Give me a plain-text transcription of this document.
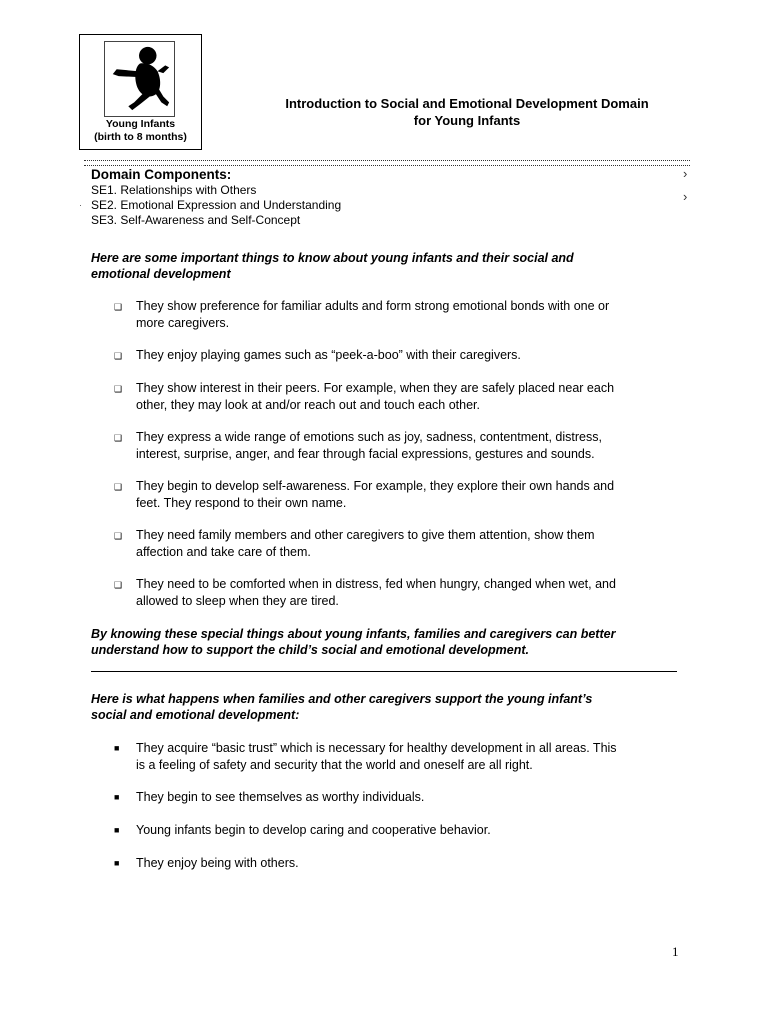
Young Infants
(birth to 8 months)
Introduction to Social and Emotional Development Domain
for Young Infants
›
›
·
Domain Components:
SE1. Relationships with Others
SE2. Emotional Expression and Understanding
SE3. Self-Awareness and Self-Concept
Here are some important things to know about young infants and their social and
emotional development
❑ They show preference for familiar adults and form strong emotional bonds with one or
more caregivers.
❑ They enjoy playing games such as “peek-a-boo” with their caregivers.
❑ They show interest in their peers. For example, when they are safely placed near each
other, they may look at and/or reach out and touch each other.
❑ They express a wide range of emotions such as joy, sadness, contentment, distress,
interest, surprise, anger, and fear through facial expressions, gestures and sounds.
❑ They begin to develop self-awareness. For example, they explore their own hands and
feet. They respond to their own name.
❑ They need family members and other caregivers to give them attention, show them
affection and take care of them.
❑ They need to be comforted when in distress, fed when hungry, changed when wet, and
allowed to sleep when they are tired.
By knowing these special things about young infants, families and caregivers can better
understand how to support the child’s social and emotional development.
Here is what happens when families and other caregivers support the young infant’s
social and emotional development:
■ They acquire “basic trust” which is necessary for healthy development in all areas. This
is a feeling of safety and security that the world and oneself are all right.
■ They begin to see themselves as worthy individuals.
■ Young infants begin to develop caring and cooperative behavior.
■ They enjoy being with others.
1
